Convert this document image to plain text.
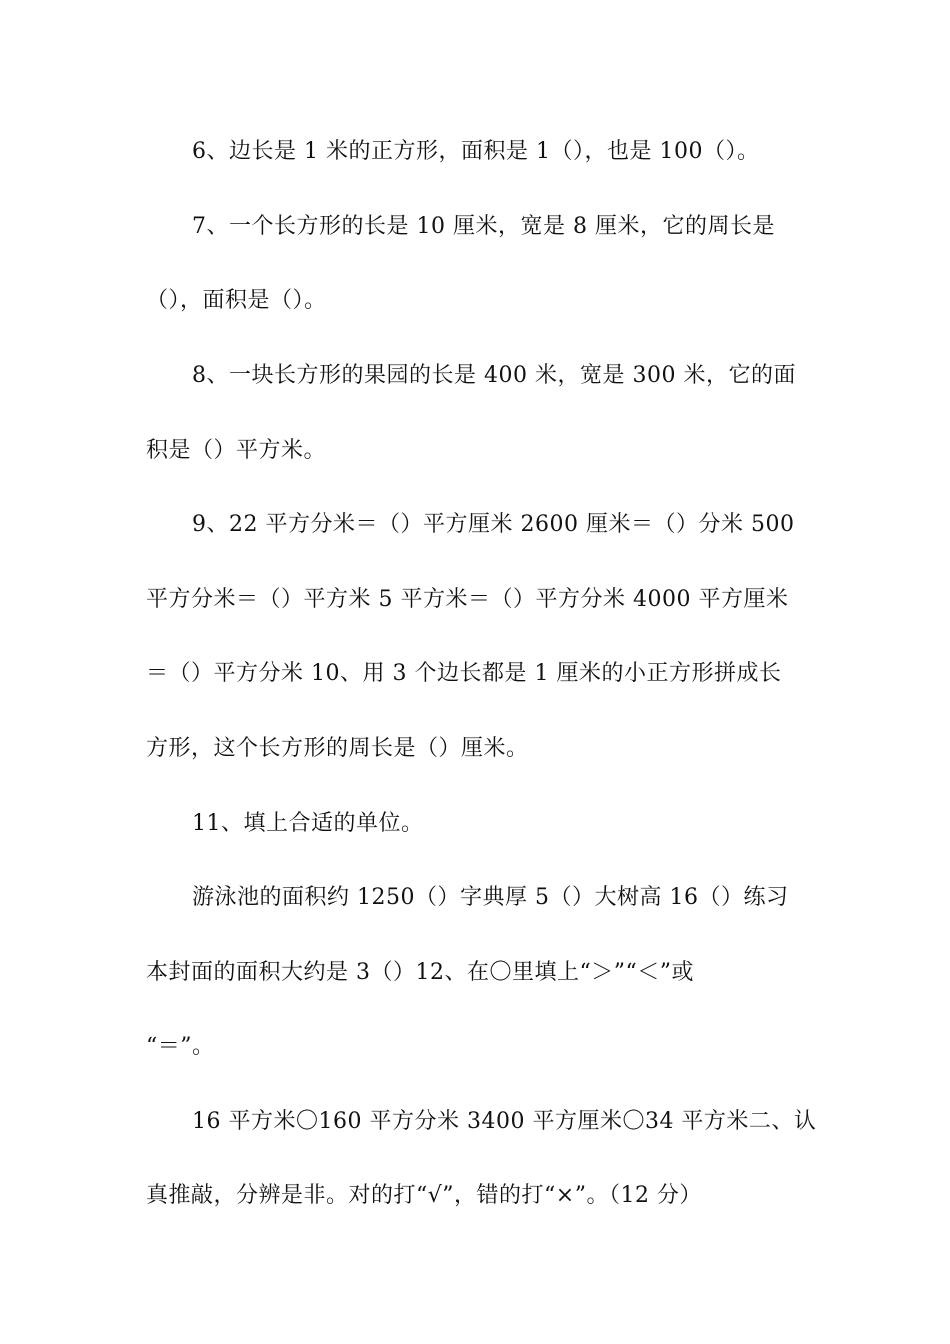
6、边长是 1 米的正方形，面积是 1（），也是 100（）。
7、一个长方形的长是 10 厘米，宽是 8 厘米，它的周长是
（），面积是（）。
8、一块长方形的果园的长是 400 米，宽是 300 米，它的面
积是（）平方米。
9、22 平方分米＝（）平方厘米 2600 厘米＝（）分米 500
平方分米＝（）平方米 5 平方米＝（）平方分米 4000 平方厘米
＝（）平方分米 10、用 3 个边长都是 1 厘米的小正方形拼成长
方形，这个长方形的周长是（）厘米。
11、填上合适的单位。
游泳池的面积约 1250（）字典厚 5（）大树高 16（）练习
本封面的面积大约是 3（）12、在〇里填上“＞”“＜”或
“＝”。
16 平方米〇160 平方分米 3400 平方厘米〇34 平方米二、认
真推敲，分辨是非。对的打“√”，错的打“×”。（12 分）
